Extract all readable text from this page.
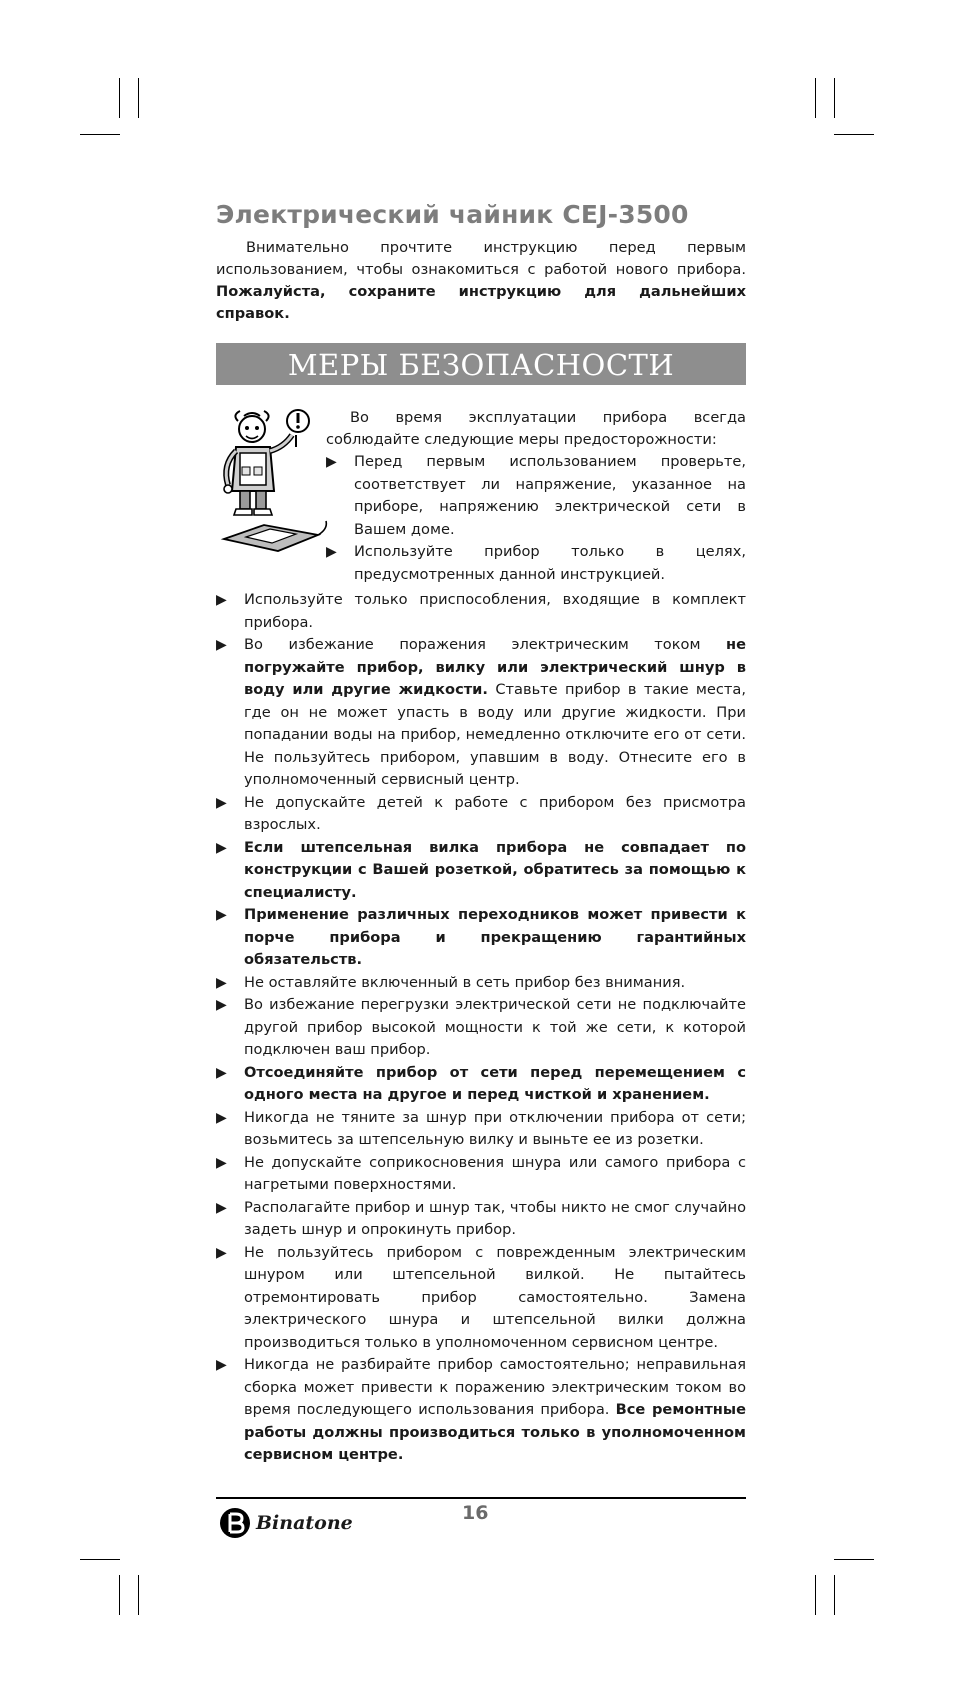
Электрический чайник CEJ-3500

Внимательно прочтите инструкцию перед первым использованием, чтобы ознакомиться с работой нового прибора. Пожалуйста, сохраните инструкцию для дальнейших справок.

МЕРЫ БЕЗОПАСНОСТИ

Во время эксплуатации прибора всегда соблюдайте следующие меры предосторожности:

▶ Перед первым использованием проверьте, соответствует ли напряжение, указанное на приборе, напряжению электрической сети в Вашем доме.
▶ Используйте прибор только в целях, предусмотренных данной инструкцией.
▶ Используйте только приспособления, входящие в комплект прибора.
▶ Во избежание поражения электрическим током не погружайте прибор, вилку или электрический шнур в воду или другие жидкости. Ставьте прибор в такие места, где он не может упасть в воду или другие жидкости. При попадании воды на прибор, немедленно отключите его от сети. Не пользуйтесь прибором, упавшим в воду. Отнесите его в уполномоченный сервисный центр.
▶ Не допускайте детей к работе с прибором без присмотра взрослых.
▶ Если штепсельная вилка прибора не совпадает по конструкции с Вашей розеткой, обратитесь за помощью к специалисту.
▶ Применение различных переходников может привести к порче прибора и прекращению гарантийных обязательств.
▶ Не оставляйте включенный в сеть прибор без внимания.
▶ Во избежание перегрузки электрической сети не подключайте другой прибор высокой мощности к той же сети, к которой подключен ваш прибор.
▶ Отсоединяйте прибор от сети перед перемещением с одного места на другое и перед чисткой и хранением.
▶ Никогда не тяните за шнур при отключении прибора от сети; возьмитесь за штепсельную вилку и выньте ее из розетки.
▶ Не допускайте соприкосновения шнура или самого прибора с нагретыми поверхностями.
▶ Располагайте прибор и шнур так, чтобы никто не смог случайно задеть шнур и опрокинуть прибор.
▶ Не пользуйтесь прибором с поврежденным электрическим шнуром или штепсельной вилкой. Не пытайтесь отремонтировать прибор самостоятельно. Замена электрического шнура и штепсельной вилки должна производиться только в уполномоченном сервисном центре.
▶ Никогда не разбирайте прибор самостоятельно; неправильная сборка может привести к поражению электрическим током во время последующего использования прибора. Все ремонтные работы должны производиться только в уполномоченном сервисном центре.
Binatone	16
